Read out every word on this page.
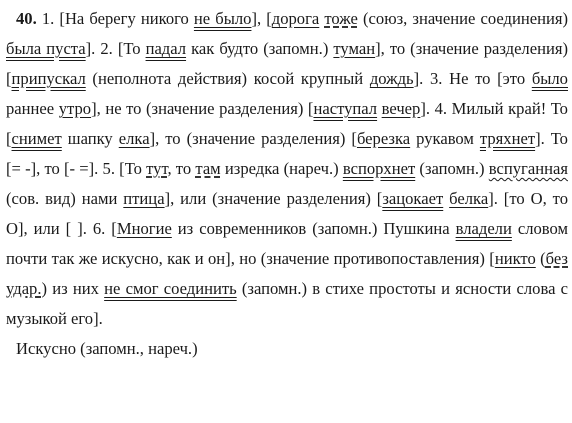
40. 1. [На берегу никого не было], [дорога тоже (союз, значение соединения) была пуста]. 2. [То падал как будто (запомн.) туман], то (значение разделения) [припускал (неполнота действия) косой крупный дождь]. 3. Не то [это было раннее утро], не то (значение разделения) [наступал вечер]. 4. Милый край! То [снимет шапку елка], то (значение разделения) [березка рукавом тряхнет]. То [= -], то [- =]. 5. [То тут, то там изредка (нареч.) вспорхнет (запомн.) вспуганная (сов. вид) нами птица], или (значение разделения) [зацокает белка]. [то О, то О], или [ ]. 6. [Многие из современников (запомн.) Пушкина владели словом почти так же искусно, как и он], но (значение противопоставления) [никто (без удар.) из них не смог соединить (запомн.) в стихе простоты и ясности слова с музыкой его].

Искусно (запомн., нареч.)
